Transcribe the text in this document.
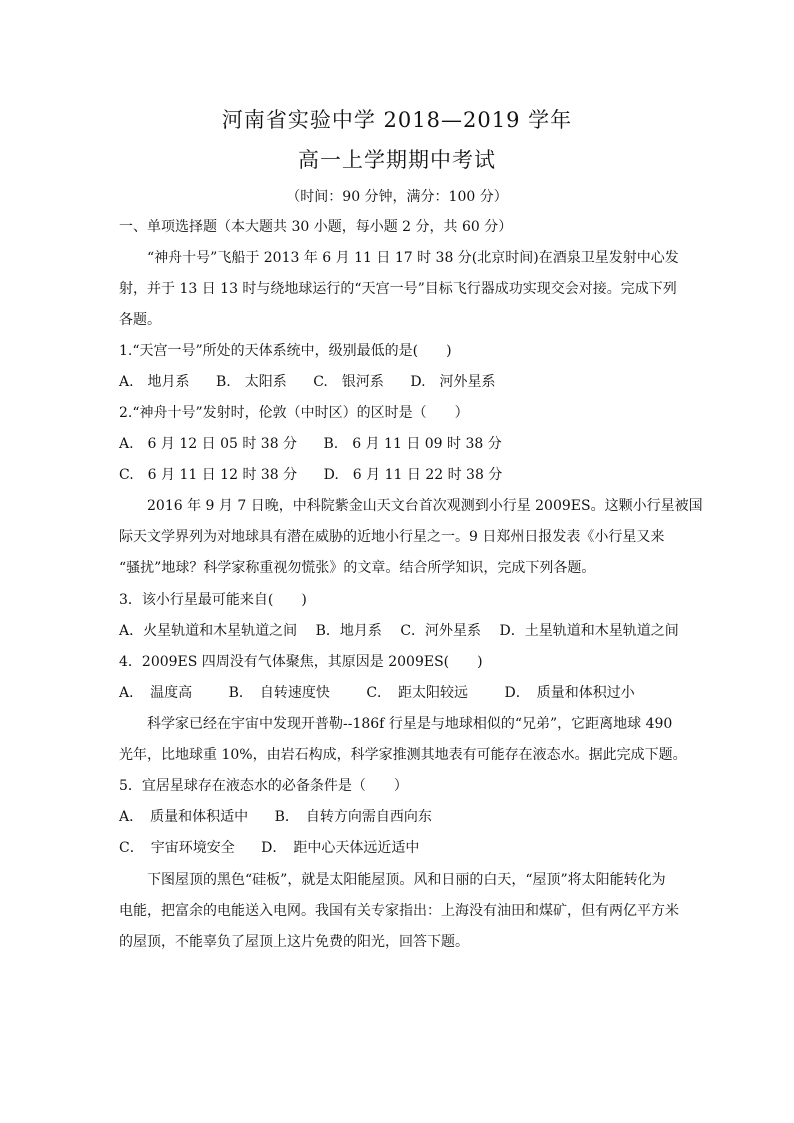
河南省实验中学 2018—2019 学年
高一上学期期中考试
（时间：90 分钟，满分：100 分）
一、单项选择题（本大题共 30 小题，每小题 2 分，共 60 分）
“神舟十号”飞船于 2013 年 6 月 11 日 17 时 38 分(北京时间)在酒泉卫星发射中心发
射，并于 13 日 13 时与绕地球运行的“天宫一号”目标飞行器成功实现交会对接。完成下列
各题。
1.“天宫一号”所处的天体系统中，级别最低的是(　　)
A.　地月系 B.　太阳系 C.　银河系 D.　河外星系
2.“神舟十号”发射时，伦敦（中时区）的区时是（　　）
A.　6 月 12 日 05 时 38 分 B.　6 月 11 日 09 时 38 分
C.　6 月 11 日 12 时 38 分 D.　6 月 11 日 22 时 38 分
2016 年 9 月 7 日晚，中科院紫金山天文台首次观测到小行星 2009ES。这颗小行星被国
际天文学界列为对地球具有潜在威胁的近地小行星之一。9 日郑州日报发表《小行星又来
“骚扰”地球？科学家称重视勿慌张》的文章。结合所学知识，完成下列各题。
3．该小行星最可能来自(　　)
A．火星轨道和木星轨道之间 B．地月系 C．河外星系 D．土星轨道和木星轨道之间
4．2009ES 四周没有气体聚焦，其原因是 2009ES(　　)
A．　温度高	B．　自转速度快	C．　距太阳较远	D．　质量和体积过小
科学家已经在宇宙中发现开普勒--186f 行星是与地球相似的“兄弟”，它距离地球 490
光年，比地球重 10%，由岩石构成，科学家推测其地表有可能存在液态水。据此完成下题。
5．宜居星球存在液态水的必备条件是（　　）
A．　质量和体积适中 B．　自转方向需自西向东
C．　宇宙环境安全 D．　距中心天体远近适中
下图屋顶的黑色“硅板”，就是太阳能屋顶。风和日丽的白天，“屋顶”将太阳能转化为
电能，把富余的电能送入电网。我国有关专家指出：上海没有油田和煤矿，但有两亿平方米
的屋顶，不能辜负了屋顶上这片免费的阳光，回答下题。
